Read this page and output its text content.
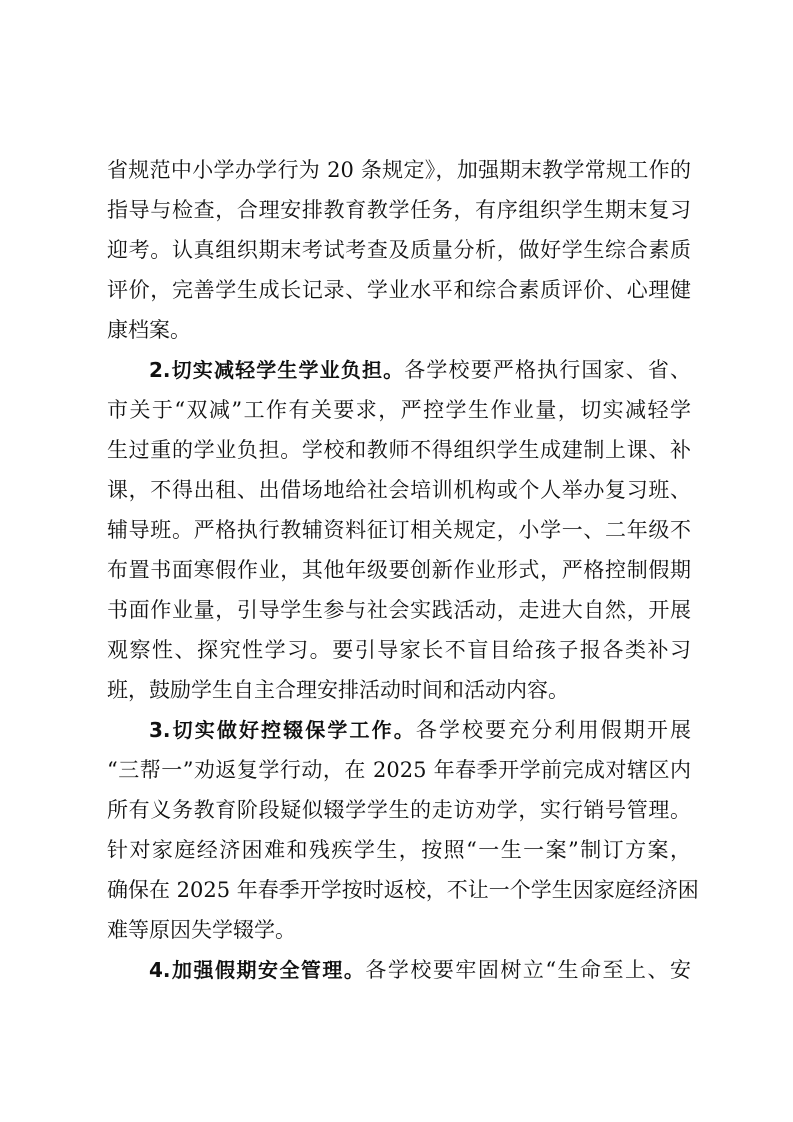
省规范中小学办学行为 20 条规定》，加强期末教学常规工作的
指导与检查，合理安排教育教学任务，有序组织学生期末复习
迎考。认真组织期末考试考查及质量分析，做好学生综合素质
评价，完善学生成长记录、学业水平和综合素质评价、心理健
康档案。
2.切实减轻学生学业负担。各学校要严格执行国家、省、
市关于“双减”工作有关要求，严控学生作业量，切实减轻学
生过重的学业负担。学校和教师不得组织学生成建制上课、补
课，不得出租、出借场地给社会培训机构或个人举办复习班、
辅导班。严格执行教辅资料征订相关规定，小学一、二年级不
布置书面寒假作业，其他年级要创新作业形式，严格控制假期
书面作业量，引导学生参与社会实践活动，走进大自然，开展
观察性、探究性学习。要引导家长不盲目给孩子报各类补习
班，鼓励学生自主合理安排活动时间和活动内容。
3.切实做好控辍保学工作。各学校要充分利用假期开展
“三帮一”劝返复学行动，在 2025 年春季开学前完成对辖区内
所有义务教育阶段疑似辍学学生的走访劝学，实行销号管理。
针对家庭经济困难和残疾学生，按照“一生一案”制订方案，
确保在 2025 年春季开学按时返校，不让一个学生因家庭经济困
难等原因失学辍学。
4.加强假期安全管理。各学校要牢固树立“生命至上、安
